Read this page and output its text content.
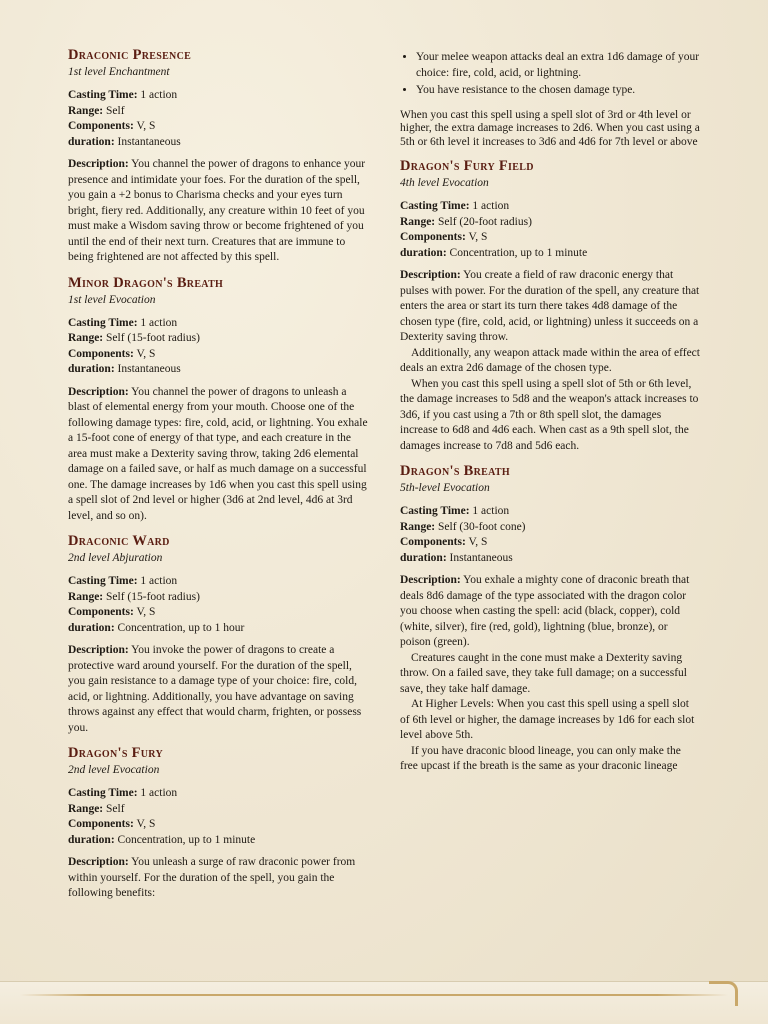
Draconic Presence

1st level Enchantment

Casting Time: 1 action

Range: Self

Components: V, S

duration: Instantaneous

Description: You channel the power of dragons to enhance your presence and intimidate your foes. For the duration of the spell, you gain a +2 bonus to Charisma checks and your eyes turn bright, fiery red. Additionally, any creature within 10 feet of you must make a Wisdom saving throw or become frightened of you until the end of their next turn. Creatures that are immune to being frightened are not affected by this spell.

Minor Dragon's Breath

1st level Evocation

Casting Time: 1 action

Range: Self (15-foot radius)

Components: V, S

duration: Instantaneous

Description: You channel the power of dragons to unleash a blast of elemental energy from your mouth. Choose one of the following damage types: fire, cold, acid, or lightning. You exhale a 15-foot cone of energy of that type, and each creature in the area must make a Dexterity saving throw, taking 2d6 elemental damage on a failed save, or half as much damage on a successful one. The damage increases by 1d6 when you cast this spell using a spell slot of 2nd level or higher (3d6 at 2nd level, 4d6 at 3rd level, and so on).

Draconic Ward

2nd level Abjuration

Casting Time: 1 action

Range: Self (15-foot radius)

Components: V, S

duration: Concentration, up to 1 hour

Description: You invoke the power of dragons to create a protective ward around yourself. For the duration of the spell, you gain resistance to a damage type of your choice: fire, cold, acid, or lightning. Additionally, you have advantage on saving throws against any effect that would charm, frighten, or possess you.

Dragon's Fury

2nd level Evocation

Casting Time: 1 action

Range: Self

Components: V, S

duration: Concentration, up to 1 minute

Description: You unleash a surge of raw draconic power from within yourself. For the duration of the spell, you gain the following benefits:

• Your melee weapon attacks deal an extra 1d6 damage of your choice: fire, cold, acid, or lightning.
• You have resistance to the chosen damage type.

When you cast this spell using a spell slot of 3rd or 4th level or higher, the extra damage increases to 2d6. When you cast using a 5th or 6th level it increases to 3d6 and 4d6 for 7th level or above

Dragon's Fury Field

4th level Evocation

Casting Time: 1 action

Range: Self (20-foot radius)

Components: V, S

duration: Concentration, up to 1 minute

Description: You create a field of raw draconic energy that pulses with power. For the duration of the spell, any creature that enters the area or start its turn there takes 4d8 damage of the chosen type (fire, cold, acid, or lightning) unless it succeeds on a Dexterity saving throw.

Additionally, any weapon attack made within the area of effect deals an extra 2d6 damage of the chosen type.

When you cast this spell using a spell slot of 5th or 6th level, the damage increases to 5d8 and the weapon's attack increases to 3d6, if you cast using a 7th or 8th spell slot, the damages increase to 6d8 and 4d6 each. When cast as a 9th spell slot, the damages increase to 7d8 and 5d6 each.

Dragon's Breath

5th-level Evocation

Casting Time: 1 action

Range: Self (30-foot cone)

Components: V, S

duration: Instantaneous

Description: You exhale a mighty cone of draconic breath that deals 8d6 damage of the type associated with the dragon color you choose when casting the spell: acid (black, copper), cold (white, silver), fire (red, gold), lightning (blue, bronze), or poison (green).

Creatures caught in the cone must make a Dexterity saving throw. On a failed save, they take full damage; on a successful save, they take half damage.

At Higher Levels: When you cast this spell using a spell slot of 6th level or higher, the damage increases by 1d6 for each slot level above 5th.

If you have draconic blood lineage, you can only make the free upcast if the breath is the same as your draconic lineage
